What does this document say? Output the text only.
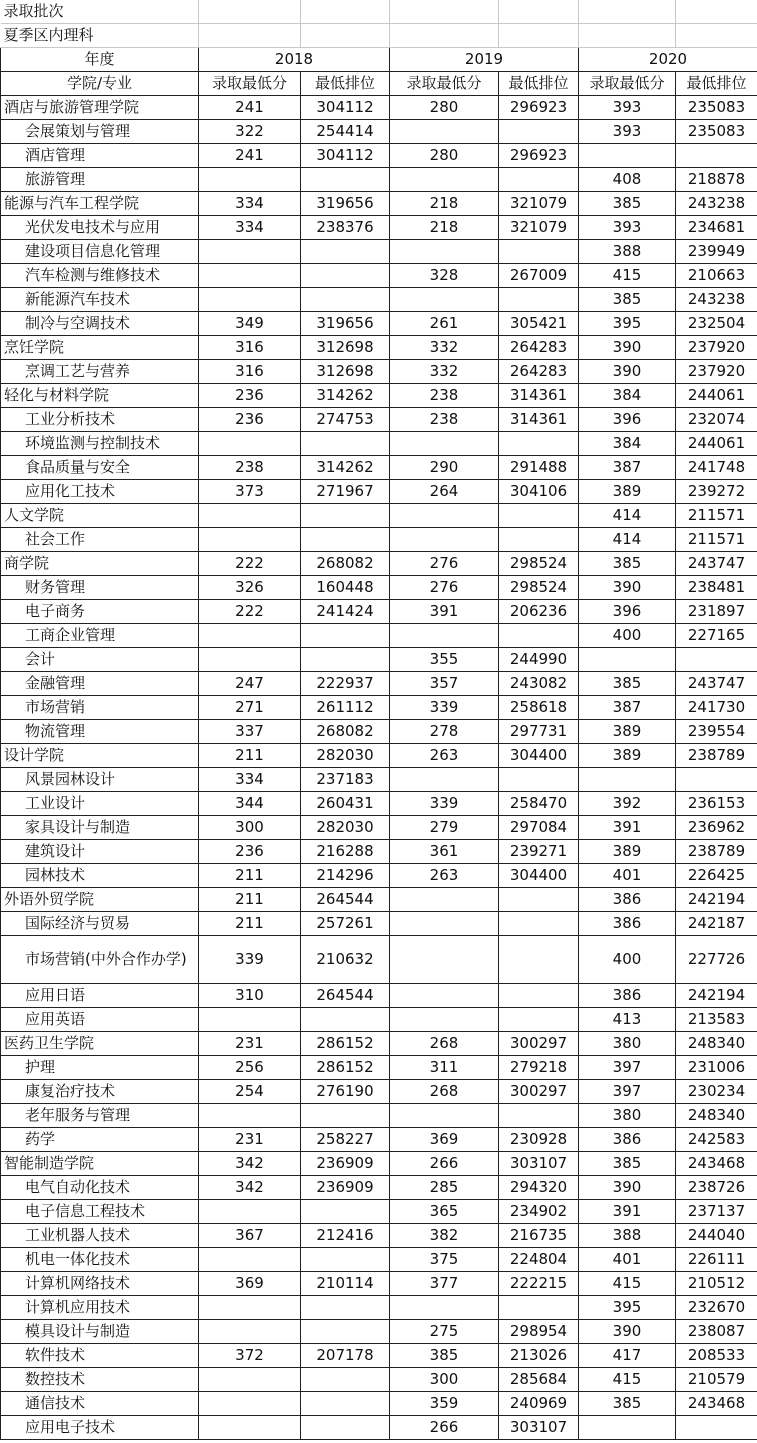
录取批次						
夏季区内理科						
年度	2018		2019		2020	
学院/专业	录取最低分	最低排位	录取最低分	最低排位	录取最低分	最低排位
酒店与旅游管理学院	241	304112	280	296923	393	235083
会展策划与管理	322	254414			393	235083
酒店管理	241	304112	280	296923		
旅游管理					408	218878
能源与汽车工程学院	334	319656	218	321079	385	243238
光伏发电技术与应用	334	238376	218	321079	393	234681
建设项目信息化管理					388	239949
汽车检测与维修技术			328	267009	415	210663
新能源汽车技术					385	243238
制冷与空调技术	349	319656	261	305421	395	232504
烹饪学院	316	312698	332	264283	390	237920
烹调工艺与营养	316	312698	332	264283	390	237920
轻化与材料学院	236	314262	238	314361	384	244061
工业分析技术	236	274753	238	314361	396	232074
环境监测与控制技术					384	244061
食品质量与安全	238	314262	290	291488	387	241748
应用化工技术	373	271967	264	304106	389	239272
人文学院					414	211571
社会工作					414	211571
商学院	222	268082	276	298524	385	243747
财务管理	326	160448	276	298524	390	238481
电子商务	222	241424	391	206236	396	231897
工商企业管理					400	227165
会计			355	244990		
金融管理	247	222937	357	243082	385	243747
市场营销	271	261112	339	258618	387	241730
物流管理	337	268082	278	297731	389	239554
设计学院	211	282030	263	304400	389	238789
风景园林设计	334	237183				
工业设计	344	260431	339	258470	392	236153
家具设计与制造	300	282030	279	297084	391	236962
建筑设计	236	216288	361	239271	389	238789
园林技术	211	214296	263	304400	401	226425
外语外贸学院	211	264544			386	242194
国际经济与贸易	211	257261			386	242187
市场营销(中外合作办学)	339	210632			400	227726
应用日语	310	264544			386	242194
应用英语					413	213583
医药卫生学院	231	286152	268	300297	380	248340
护理	256	286152	311	279218	397	231006
康复治疗技术	254	276190	268	300297	397	230234
老年服务与管理					380	248340
药学	231	258227	369	230928	386	242583
智能制造学院	342	236909	266	303107	385	243468
电气自动化技术	342	236909	285	294320	390	238726
电子信息工程技术			365	234902	391	237137
工业机器人技术	367	212416	382	216735	388	244040
机电一体化技术			375	224804	401	226111
计算机网络技术	369	210114	377	222215	415	210512
计算机应用技术					395	232670
模具设计与制造			275	298954	390	238087
软件技术	372	207178	385	213026	417	208533
数控技术			300	285684	415	210579
通信技术			359	240969	385	243468
应用电子技术			266	303107		
